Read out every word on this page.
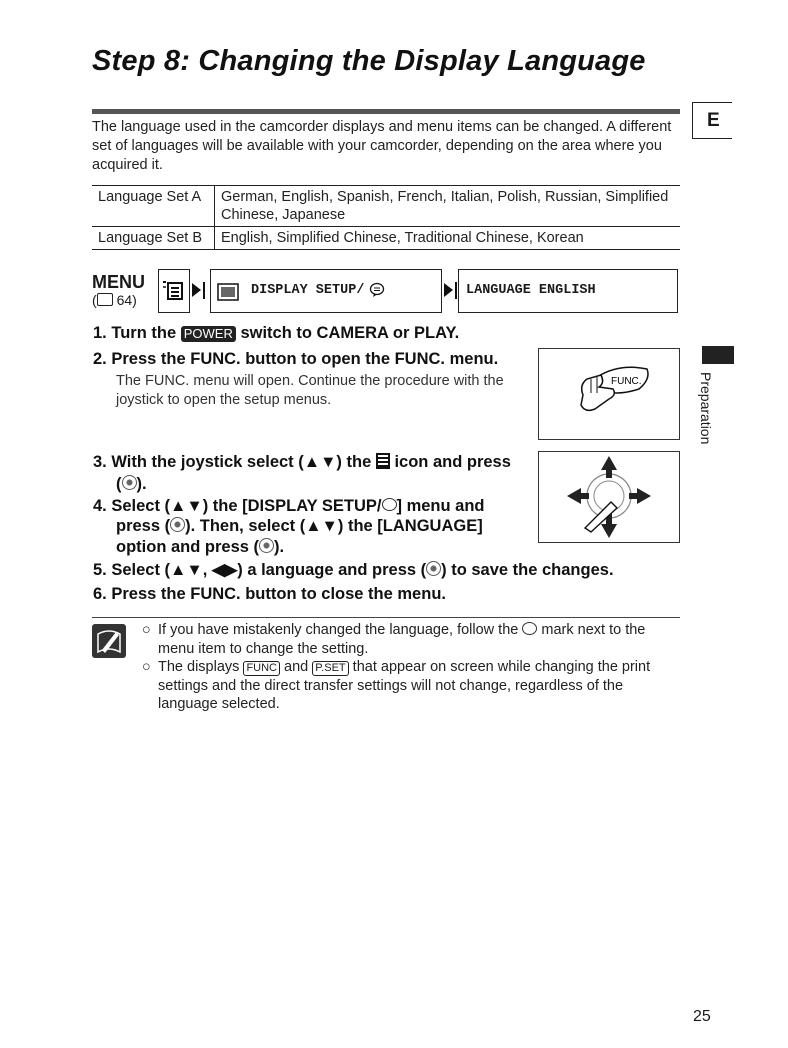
Step 8: Changing the Display Language
E
The language used in the camcorder displays and menu items can be changed. A different set of languages will be available with your camcorder, depending on the area where you acquired it.
Language Set A	German, English, Spanish, French, Italian, Polish, Russian, Simplified Chinese, Japanese
Language Set B	English, Simplified Chinese, Traditional Chinese, Korean
MENU
( 64)
DISPLAY SETUP/	LANGUAGE ENGLISH
1. Turn the POWER switch to CAMERA or PLAY.
2. Press the FUNC. button to open the FUNC. menu.
The FUNC. menu will open. Continue the procedure with the joystick to open the setup menus.
FUNC.
3. With the joystick select (▲▼) the icon and press
( ).
4. Select (▲▼) the [DISPLAY SETUP/ ] menu and
press ( ). Then, select (▲▼) the [LANGUAGE]
option and press ( ).
5. Select (▲▼, ◀▶) a language and press ( ) to save the changes.
6. Press the FUNC. button to close the menu.
○ If you have mistakenly changed the language, follow the mark next to the menu item to change the setting.
○ The displays FUNC and P.SET that appear on screen while changing the print settings and the direct transfer settings will not change, regardless of the language selected.
Preparation
25
